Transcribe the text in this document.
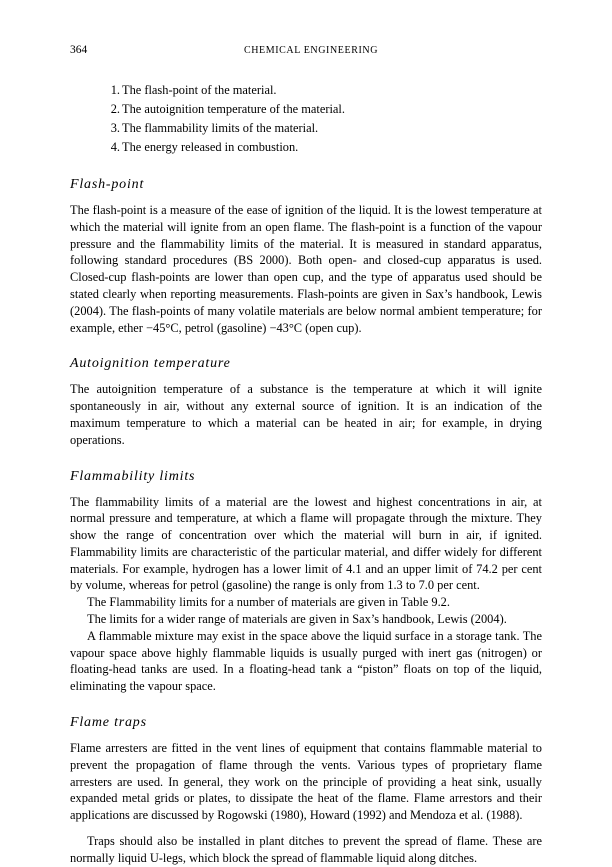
364	CHEMICAL ENGINEERING
1. The flash-point of the material.
2. The autoignition temperature of the material.
3. The flammability limits of the material.
4. The energy released in combustion.
Flash-point

The flash-point is a measure of the ease of ignition of the liquid. It is the lowest temperature at which the material will ignite from an open flame. The flash-point is a function of the vapour pressure and the flammability limits of the material. It is measured in standard apparatus, following standard procedures (BS 2000). Both open- and closed-cup apparatus is used. Closed-cup flash-points are lower than open cup, and the type of apparatus used should be stated clearly when reporting measurements. Flash-points are given in Sax’s handbook, Lewis (2004). The flash-points of many volatile materials are below normal ambient temperature; for example, ether −45°C, petrol (gasoline) −43°C (open cup).

Autoignition temperature

The autoignition temperature of a substance is the temperature at which it will ignite spontaneously in air, without any external source of ignition. It is an indication of the maximum temperature to which a material can be heated in air; for example, in drying operations.

Flammability limits

The flammability limits of a material are the lowest and highest concentrations in air, at normal pressure and temperature, at which a flame will propagate through the mixture. They show the range of concentration over which the material will burn in air, if ignited. Flammability limits are characteristic of the particular material, and differ widely for different materials. For example, hydrogen has a lower limit of 4.1 and an upper limit of 74.2 per cent by volume, whereas for petrol (gasoline) the range is only from 1.3 to 7.0 per cent.

The Flammability limits for a number of materials are given in Table 9.2.

The limits for a wider range of materials are given in Sax’s handbook, Lewis (2004).

A flammable mixture may exist in the space above the liquid surface in a storage tank. The vapour space above highly flammable liquids is usually purged with inert gas (nitrogen) or floating-head tanks are used. In a floating-head tank a “piston” floats on top of the liquid, eliminating the vapour space.

Flame traps

Flame arresters are fitted in the vent lines of equipment that contains flammable material to prevent the propagation of flame through the vents. Various types of proprietary flame arresters are used. In general, they work on the principle of providing a heat sink, usually expanded metal grids or plates, to dissipate the heat of the flame. Flame arrestors and their applications are discussed by Rogowski (1980), Howard (1992) and Mendoza et al. (1988).

Traps should also be installed in plant ditches to prevent the spread of flame. These are normally liquid U-legs, which block the spread of flammable liquid along ditches.
